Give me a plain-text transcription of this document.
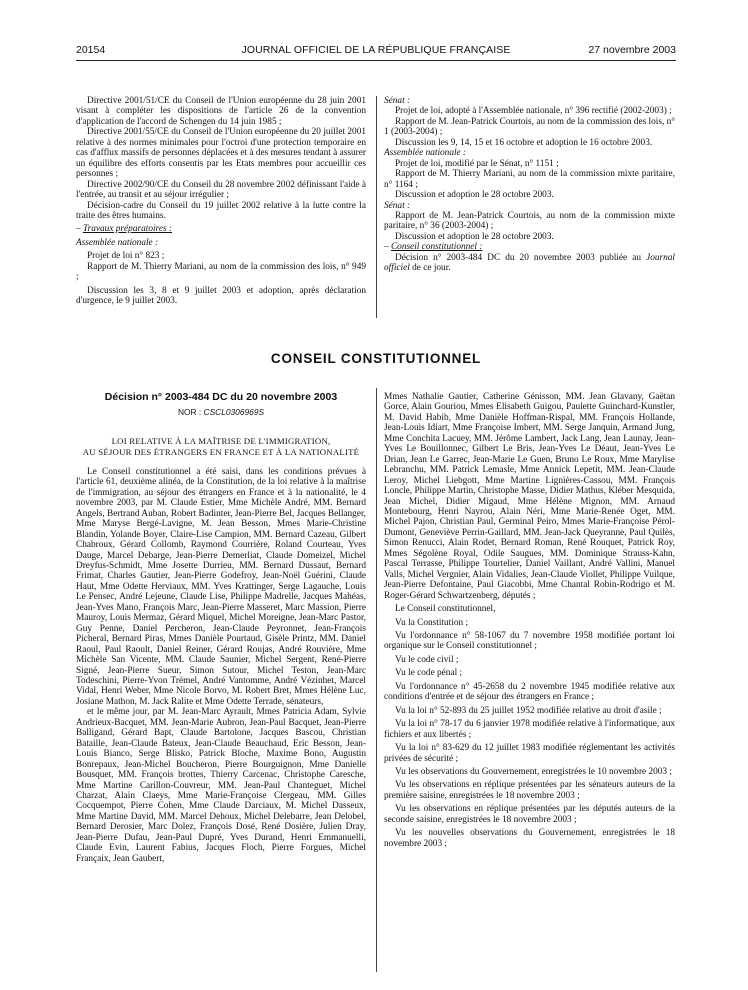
20154	JOURNAL OFFICIEL DE LA RÉPUBLIQUE FRANÇAISE	27 novembre 2003

Directive 2001/51/CE du Conseil de l'Union européenne du 28 juin 2001 visant à compléter les dispositions de l'article 26 de la convention d'application de l'accord de Schengen du 14 juin 1985 ;

Directive 2001/55/CE du Conseil de l'Union européenne du 20 juillet 2001 relative à des normes minimales pour l'octroi d'une protection temporaire en cas d'afflux massifs de personnes déplacées et à des mesures tendant à assurer un équilibre des efforts consentis par les Etats membres pour accueillir ces personnes ;

Directive 2002/90/CE du Conseil du 28 novembre 2002 définissant l'aide à l'entrée, au transit et au séjour irrégulier ;

Décision-cadre du Conseil du 19 juillet 2002 relative à la lutte contre la traite des êtres humains.

– Travaux préparatoires :

Assemblée nationale :

Projet de loi n° 823 ;

Rapport de M. Thierry Mariani, au nom de la commission des lois, n° 949 ;

Discussion les 3, 8 et 9 juillet 2003 et adoption, après déclaration d'urgence, le 9 juillet 2003.

Sénat :

Projet de loi, adopté à l'Assemblée nationale, n° 396 rectifié (2002-2003) ;

Rapport de M. Jean-Patrick Courtois, au nom de la commission des lois, n° 1 (2003-2004) ;

Discussion les 9, 14, 15 et 16 octobre et adoption le 16 octobre 2003.

Assemblée nationale :

Projet de loi, modifié par le Sénat, n° 1151 ;

Rapport de M. Thierry Mariani, au nom de la commission mixte paritaire, n° 1164 ;

Discussion et adoption le 28 octobre 2003.

Sénat :

Rapport de M. Jean-Patrick Courtois, au nom de la commission mixte paritaire, n° 36 (2003-2004) ;

Discussion et adoption le 28 octobre 2003.

– Conseil constitutionnel :

Décision n° 2003-484 DC du 20 novembre 2003 publiée au Journal officiel de ce jour.

CONSEIL CONSTITUTIONNEL
Décision n° 2003-484 DC du 20 novembre 2003
NOR : CSCL0306969S
LOI RELATIVE À LA MAÎTRISE DE L'IMMIGRATION,
AU SÉJOUR DES ÉTRANGERS EN FRANCE ET À LA NATIONALITÉ

Le Conseil constitutionnel a été saisi, dans les conditions prévues à l'article 61, deuxième alinéa, de la Constitution, de la loi relative à la maîtrise de l'immigration, au séjour des étrangers en France et à la nationalité, le 4 novembre 2003, par M. Claude Estier, Mme Michèle André, MM. Bernard Angels, Bertrand Auban, Robert Badinter, Jean-Pierre Bel, Jacques Bellanger, Mme Maryse Bergé-Lavigne, M. Jean Besson, Mmes Marie-Christine Blandin, Yolande Boyer, Claire-Lise Campion, MM. Bernard Cazeau, Gilbert Chabroux, Gérard Collomb, Raymond Courrière, Roland Courteau, Yves Dauge, Marcel Debarge, Jean-Pierre Demerliat, Claude Domeizel, Michel Dreyfus-Schmidt, Mme Josette Durrieu, MM. Bernard Dussaut, Bernard Frimat, Charles Gautier, Jean-Pierre Godefroy, Jean-Noël Guérini, Claude Haut, Mme Odette Herviaux, MM. Yves Krattinger, Serge Lagauche, Louis Le Pensec, André Lejeune, Claude Lise, Philippe Madrelle, Jacques Mahéas, Jean-Yves Mano, François Marc, Jean-Pierre Masseret, Marc Massion, Pierre Mauroy, Louis Mermaz, Gérard Miquel, Michel Moreigne, Jean-Marc Pastor, Guy Penne, Daniel Percheron, Jean-Claude Peyronnet, Jean-François Picheral, Bernard Piras, Mmes Danièle Pourtaud, Gisèle Printz, MM. Daniel Raoul, Paul Raoult, Daniel Reiner, Gérard Roujas, André Rouvière, Mme Michèle San Vicente, MM. Claude Saunier, Michel Sergent, René-Pierre Signé, Jean-Pierre Sueur, Simon Sutour, Michel Teston, Jean-Marc Todeschini, Pierre-Yvon Trémel, André Vantomme, André Vézinhet, Marcel Vidal, Henri Weber, Mme Nicole Borvo, M. Robert Bret, Mmes Hélène Luc, Josiane Mathon, M. Jack Ralite et Mme Odette Terrade, sénateurs,

et le même jour, par M. Jean-Marc Ayrault, Mmes Patricia Adam, Sylvie Andrieux-Bacquet, MM. Jean-Marie Aubron, Jean-Paul Bacquet, Jean-Pierre Balligand, Gérard Bapt, Claude Bartolone, Jacques Bascou, Christian Bataille, Jean-Claude Bateux, Jean-Claude Beauchaud, Eric Besson, Jean-Louis Bianco, Serge Blisko, Patrick Bloche, Maxime Bono, Augustin Bonrepaux, Jean-Michel Boucheron, Pierre Bourguignon, Mme Danielle Bousquet, MM. François brottes, Thierry Carcenac, Christophe Caresche, Mme Martine Carillon-Couvreur, MM. Jean-Paul Chanteguet, Michel Charzat, Alain Claeys, Mme Marie-Françoise Clergeau, MM. Gilles Cocquempot, Pierre Cohen, Mme Claude Darciaux, M. Michel Dasseux, Mme Martine David, MM. Marcel Dehoux, Michel Delebarre, Jean Delobel, Bernard Derosier, Marc Dolez, François Dosé, René Dosière, Julien Dray, Jean-Pierre Dufau, Jean-Paul Dupré, Yves Durand, Henri Emmanuelli, Claude Evin, Laurent Fabius, Jacques Floch, Pierre Forgues, Michel Françaix, Jean Gaubert,

Mmes Nathalie Gautier, Catherine Génisson, MM. Jean Glavany, Gaëtan Gorce, Alain Gouriou, Mmes Elisabeth Guigou, Paulette Guinchard-Kunstler, M. David Habib, Mme Danièle Hoffman-Rispal, MM. François Hollande, Jean-Louis Idiart, Mme Françoise Imbert, MM. Serge Janquin, Armand Jung, Mme Conchita Lacuey, MM. Jérôme Lambert, Jack Lang, Jean Launay, Jean-Yves Le Bouillonnec, Gilbert Le Bris, Jean-Yves Le Déaut, Jean-Yves Le Drian, Jean Le Garrec, Jean-Marie Le Guen, Bruno Le Roux, Mme Marylise Lebranchu, MM. Patrick Lemasle, Mme Annick Lepetit, MM. Jean-Claude Leroy, Michel Liebgott, Mme Martine Lignières-Cassou, MM. François Loncle, Philippe Martin, Christophe Masse, Didier Mathus, Kléber Mesquida, Jean Michel, Didier Migaud, Mme Hélène Mignon, MM. Arnaud Montebourg, Henri Nayrou, Alain Néri, Mme Marie-Renée Oget, MM. Michel Pajon, Christian Paul, Germinal Peiro, Mmes Marie-Françoise Pérol-Dumont, Geneviève Perrin-Gaillard, MM. Jean-Jack Queyranne, Paul Quilès, Simon Renucci, Alain Rodet, Bernard Roman, René Rouquet, Patrick Roy, Mmes Ségolène Royal, Odile Saugues, MM. Dominique Strauss-Kahn, Pascal Terrasse, Philippe Tourtelier, Daniel Vaillant, André Vallini, Manuel Valls, Michel Vergnier, Alain Vidalies, Jean-Claude Viollet, Philippe Vuilque, Jean-Pierre Defontaine, Paul Giacobbi, Mme Chantal Robin-Rodrigo et M. Roger-Gérard Schwartzenberg, députés ;

Le Conseil constitutionnel,

Vu la Constitution ;

Vu l'ordonnance n° 58-1067 du 7 novembre 1958 modifiée portant loi organique sur le Conseil constitutionnel ;

Vu le code civil ;

Vu le code pénal ;

Vu l'ordonnance n° 45-2658 du 2 novembre 1945 modifiée relative aux conditions d'entrée et de séjour des étrangers en France ;

Vu la loi n° 52-893 du 25 juillet 1952 modifiée relative au droit d'asile ;

Vu la loi n° 78-17 du 6 janvier 1978 modifiée relative à l'informatique, aux fichiers et aux libertés ;

Vu la loi n° 83-629 du 12 juillet 1983 modifiée réglementant les activités privées de sécurité ;

Vu les observations du Gouvernement, enregistrées le 10 novembre 2003 ;

Vu les observations en réplique présentées par les sénateurs auteurs de la première saisine, enregistrées le 18 novembre 2003 ;

Vu les observations en réplique présentées par les députés auteurs de la seconde saisine, enregistrées le 18 novembre 2003 ;

Vu les nouvelles observations du Gouvernement, enregistrées le 18 novembre 2003 ;
